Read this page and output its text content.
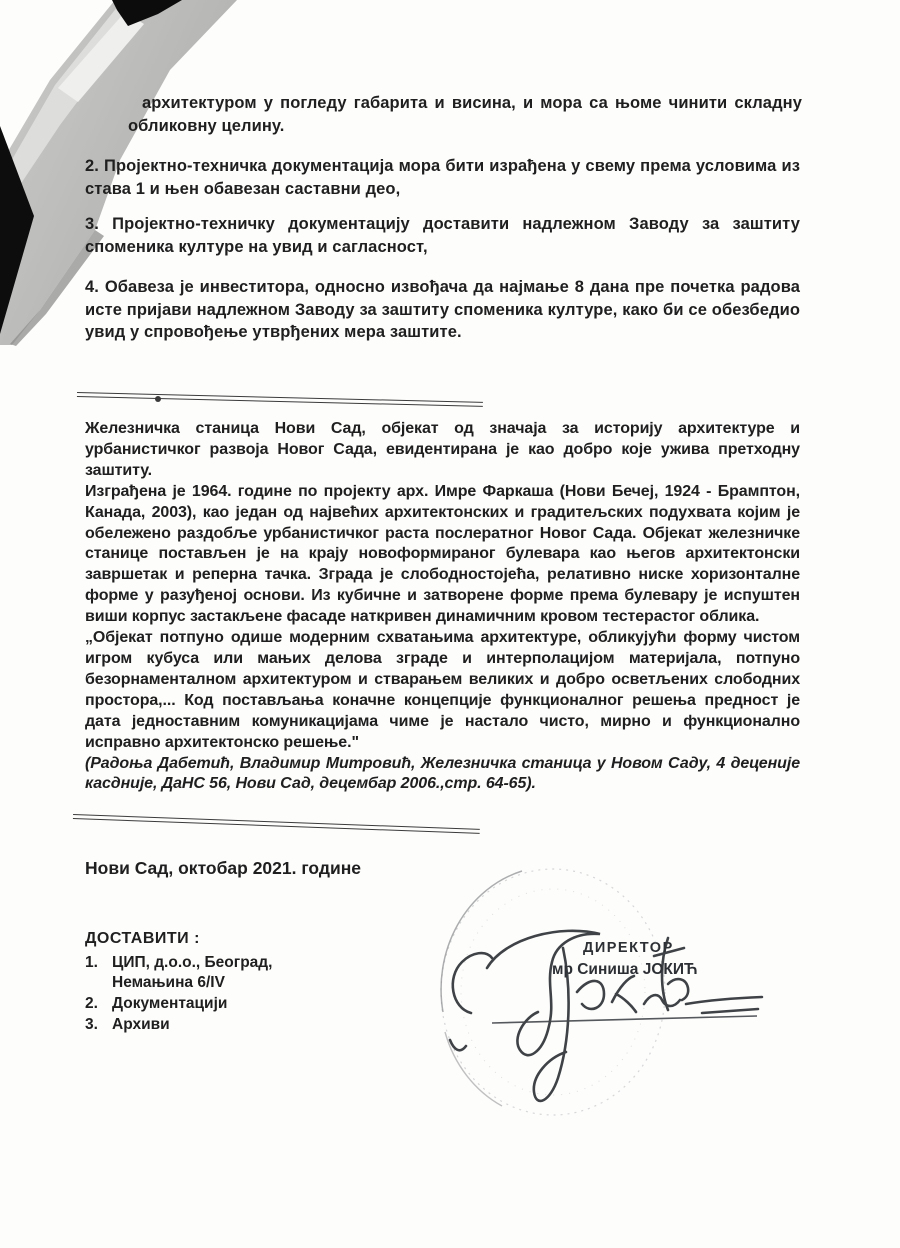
архитектуром у погледу габарита и висина, и мора са њоме чинити складну обликовну целину.
2. Пројектно-техничка документација мора бити израђена у свему према условима из става 1 и њен обавезан саставни део,
3. Пројектно-техничку документацију доставити надлежном Заводу за заштиту споменика културе на увид и сагласност,
4. Обавеза је инвеститора, односно извођача да најмање 8 дана пре почетка радова исте пријави надлежном Заводу за заштиту споменика културе, како би се обезбедио увид у спровођење утврђених мера заштите.

Железничка станица Нови Сад, објекат од значаја за историју архитектуре и урбанистичког развоја Новог Сада, евидентирана је као добро које ужива претходну заштиту.

Изграђена је 1964. године по пројекту арх. Имре Фаркаша (Нови Бечеј, 1924 - Брамптон, Канада, 2003), као један од највећих архитектонских и градитељских подухвата којим је обележено раздобље урбанистичког раста послератног Новог Сада. Објекат железничке станице постављен је на крају новоформираног булевара као његов архитектонски завршетак и реперна тачка. Зграда је слободностојећа, релативно ниске хоризонталне форме у разуђеној основи. Из кубичне и затворене форме према булевару је испуштен виши корпус застакљене фасаде наткривен динамичним кровом тестерастог облика.

„Објекат потпуно одише модерним схватањима архитектуре, обликујући форму чистом игром кубуса или мањих делова зграде и интерполацијом материјала, потпуно безорнаменталном архитектуром и стварањем великих и добро осветљених слободних простора,... Код постављања коначне концепције функционалног решења предност је дата једноставним комуникацијама чиме је настало чисто, мирно и функционално исправно архитектонско решење."

(Радоња Дабетић, Владимир Митровић, Железничка станица у Новом Саду, 4 деценије касдније, ДаНС 56, Нови Сад, децембар 2006.,стр. 64-65).

Нови Сад, октобар 2021. године
ДОСТАВИТИ :
1. ЦИП, д.о.о., Београд,
Немањина 6/IV
2. Документацији
3. Архиви
ДИРЕКТОР
мр Синиша ЈОКИЋ
